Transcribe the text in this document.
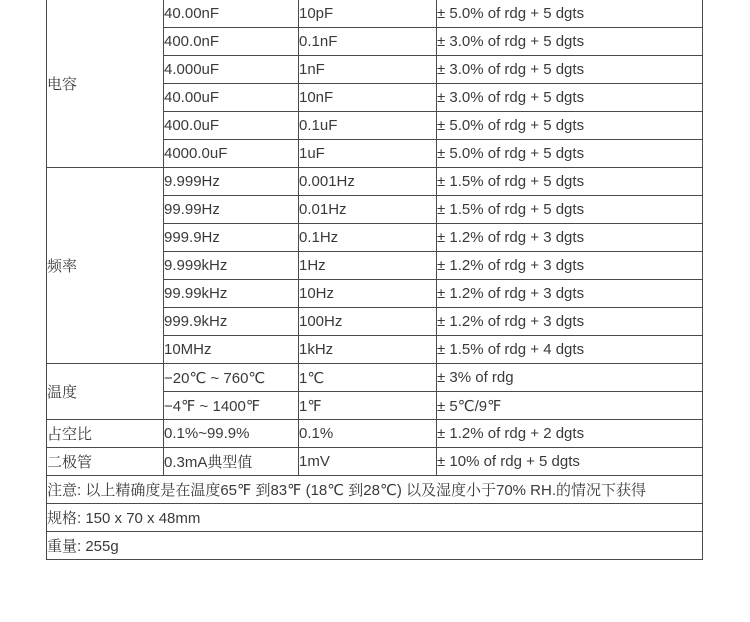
电容	40.00nF	10pF	± 5.0% of rdg + 5 dgts
	400.0nF	0.1nF	± 3.0% of rdg + 5 dgts
	4.000uF	1nF	± 3.0% of rdg + 5 dgts
	40.00uF	10nF	± 3.0% of rdg + 5 dgts
	400.0uF	0.1uF	± 5.0% of rdg + 5 dgts
	4000.0uF	1uF	± 5.0% of rdg + 5 dgts
频率	9.999Hz	0.001Hz	± 1.5% of rdg + 5 dgts
	99.99Hz	0.01Hz	± 1.5% of rdg + 5 dgts
	999.9Hz	0.1Hz	± 1.2% of rdg + 3 dgts
	9.999kHz	1Hz	± 1.2% of rdg + 3 dgts
	99.99kHz	10Hz	± 1.2% of rdg + 3 dgts
	999.9kHz	100Hz	± 1.2% of rdg + 3 dgts
	10MHz	1kHz	± 1.5% of rdg + 4 dgts
温度	−20℃ ~ 760℃	1℃	± 3% of rdg
	−4℉ ~ 1400℉	1℉	± 5℃/9℉
占空比	0.1%~99.9%	0.1%	± 1.2% of rdg + 2 dgts
二极管	0.3mA典型值	1mV	± 10% of rdg + 5 dgts
注意: 以上精确度是在温度65℉ 到83℉ (18℃ 到28℃) 以及湿度小于70% RH.的情况下获得			
规格: 150 x 70 x 48mm			
重量: 255g			
